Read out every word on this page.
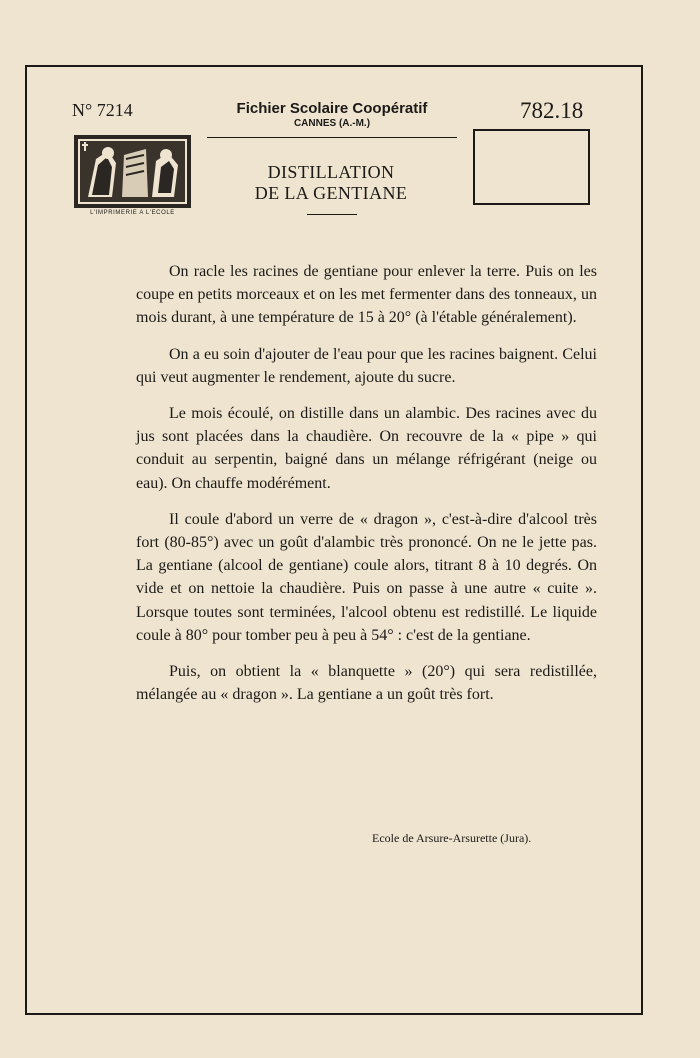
N° 7214	Fichier Scolaire Coopératif
CANNES (A.-M.)
782.18
L'IMPRIMERIE A L'ECOLE
DISTILLATION
DE LA GENTIANE

On racle les racines de gentiane pour enlever la terre. Puis on les coupe en petits morceaux et on les met fermenter dans des tonneaux, un mois durant, à une température de 15 à 20° (à l'étable généralement).

On a eu soin d'ajouter de l'eau pour que les racines baignent. Celui qui veut augmenter le rendement, ajoute du sucre.

Le mois écoulé, on distille dans un alambic. Des racines avec du jus sont placées dans la chaudière. On recouvre de la « pipe » qui conduit au serpentin, baigné dans un mélange réfrigérant (neige ou eau). On chauffe modérément.

Il coule d'abord un verre de « dragon », c'est-à-dire d'alcool très fort (80-85°) avec un goût d'alambic très prononcé. On ne le jette pas. La gentiane (alcool de gentiane) coule alors, titrant 8 à 10 degrés. On vide et on nettoie la chaudière. Puis on passe à une autre « cuite ». Lorsque toutes sont terminées, l'alcool obtenu est redistillé. Le liquide coule à 80° pour tomber peu à peu à 54° : c'est de la gentiane.

Puis, on obtient la « blanquette » (20°) qui sera redistillée, mélangée au « dragon ». La gentiane a un goût très fort.

Ecole de Arsure-Arsurette (Jura).
